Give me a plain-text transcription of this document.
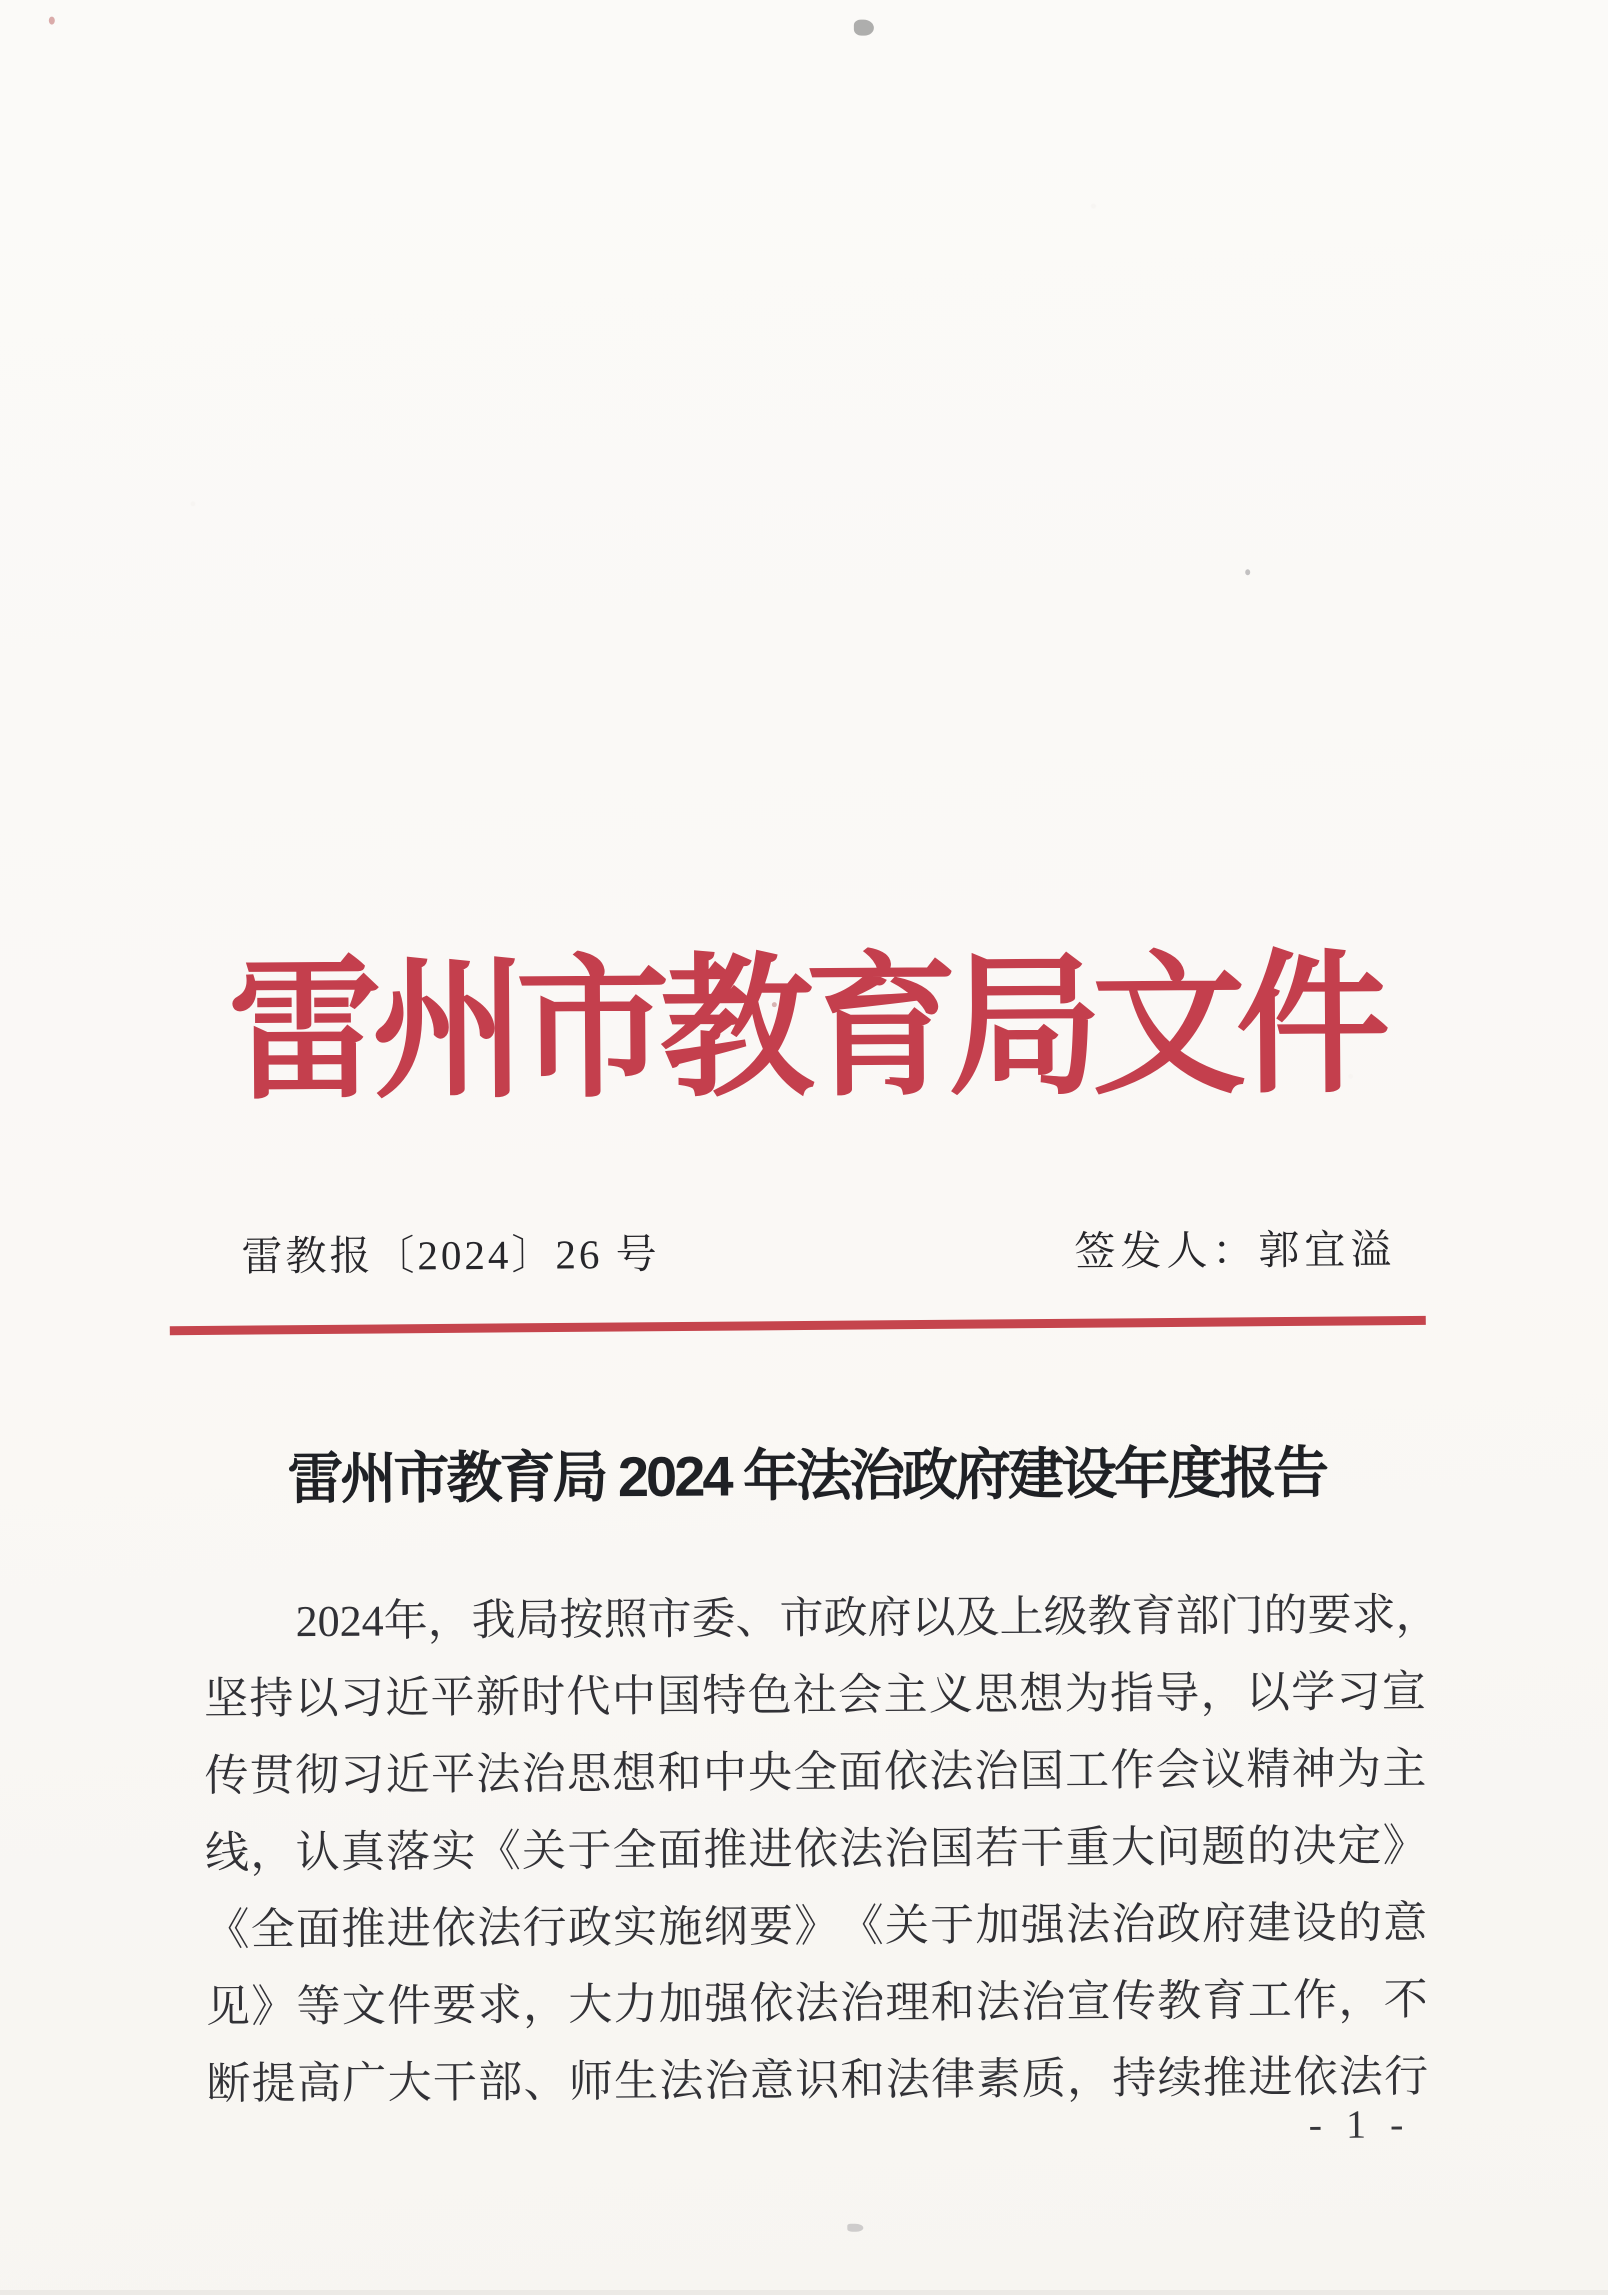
雷州市教育局文件
雷教报〔2024〕26 号	签发人：郭宜溢
雷州市教育局 2024 年法治政府建设年度报告
2024 年 ， 我 局 按 照 市 委 、 市 政 府 以 及 上 级 教 育 部 门 的 要 求 ，
坚 持 以 习 近 平 新 时 代 中 国 特 色 社 会 主 义 思 想 为 指 导 ， 以 学 习 宣
传 贯 彻 习 近 平 法 治 思 想 和 中 央 全 面 依 法 治 国 工 作 会 议 精 神 为 主
线 ， 认 真 落 实 《 关 于 全 面 推 进 依 法 治 国 若 干 重 大 问 题 的 决 定 》
《 全 面 推 进 依 法 行 政 实 施 纲 要 》 《 关 于 加 强 法 治 政 府 建 设 的 意
见 》 等 文 件 要 求 ， 大 力 加 强 依 法 治 理 和 法 治 宣 传 教 育 工 作 ， 不
断 提 高 广 大 干 部 、 师 生 法 治 意 识 和 法 律 素 质 ， 持 续 推 进 依 法 行
- 1 -
